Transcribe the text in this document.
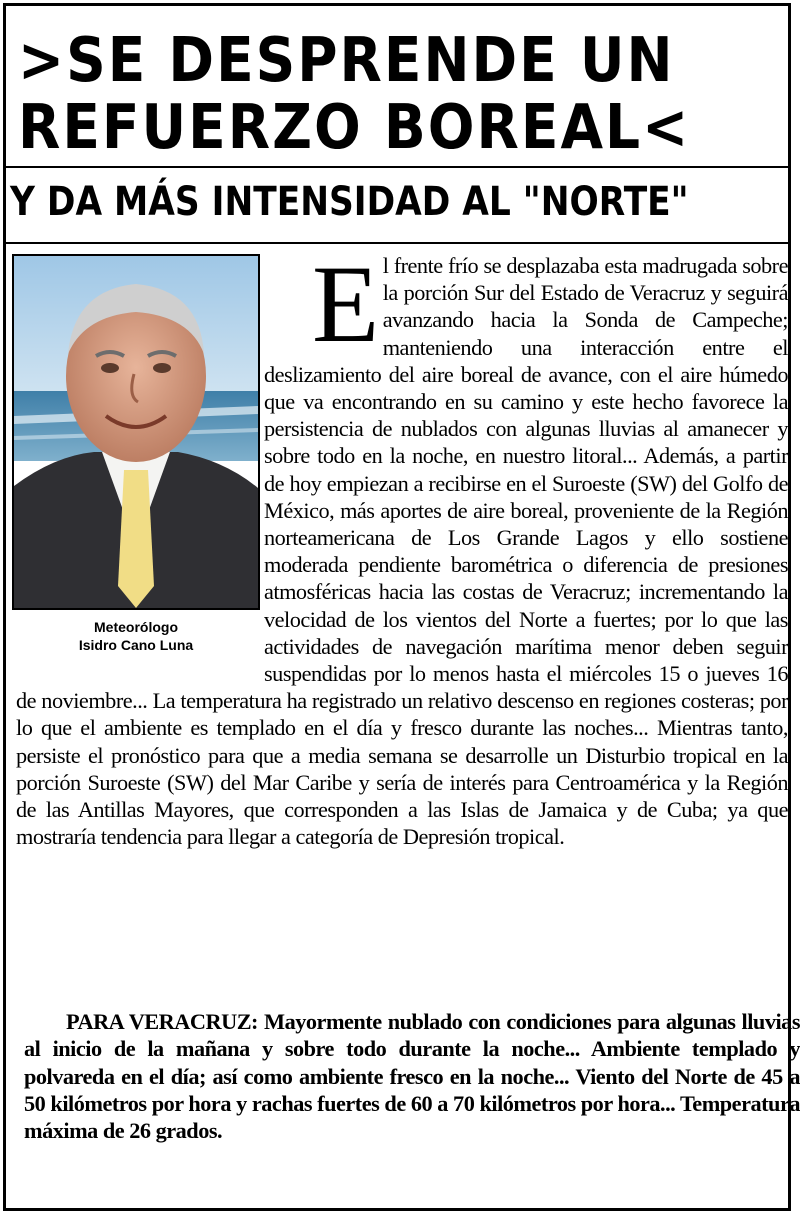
>SE DESPRENDE UN
REFUERZO BOREAL<
Y DA MÁS INTENSIDAD AL "NORTE"
Meteorólogo
Isidro Cano Luna

El frente frío se desplazaba esta madrugada sobre la porción Sur del Estado de Veracruz y seguirá avanzando hacia la Sonda de Campeche; manteniendo una interacción entre el deslizamiento del aire boreal de avance, con el aire húmedo que va encontrando en su camino y este hecho favorece la persistencia de nublados con algunas lluvias al amanecer y sobre todo en la noche, en nuestro litoral... Además, a partir de hoy empiezan a recibirse en el Suroeste (SW) del Golfo de México, más aportes de aire boreal, proveniente de la Región norteamericana de Los Grande Lagos y ello sostiene moderada pendiente barométrica o diferencia de presiones atmosféricas hacia las costas de Veracruz; incrementando la velocidad de los vientos del Norte a fuertes; por lo que las actividades de navegación marítima menor deben seguir suspendidas por lo menos hasta el miércoles 15 o jueves 16 de noviembre... La temperatura ha registrado un relativo descenso en regiones costeras; por lo que el ambiente es templado en el día y fresco durante las noches... Mientras tanto, persiste el pronóstico para que a media semana se desarrolle un Disturbio tropical en la porción Suroeste (SW) del Mar Caribe y sería de interés para Centroamérica y la Región de las Antillas Mayores, que corresponden a las Islas de Jamaica y de Cuba; ya que mostraría tendencia para llegar a categoría de Depresión tropical.

PARA VERACRUZ: Mayormente nublado con condiciones para algunas lluvias al inicio de la mañana y sobre todo durante la noche... Ambiente templado y polvareda en el día; así como ambiente fresco en la noche... Viento del Norte de 45 a 50 kilómetros por hora y rachas fuertes de 60 a 70 kilómetros por hora... Temperatura máxima de 26 grados.
